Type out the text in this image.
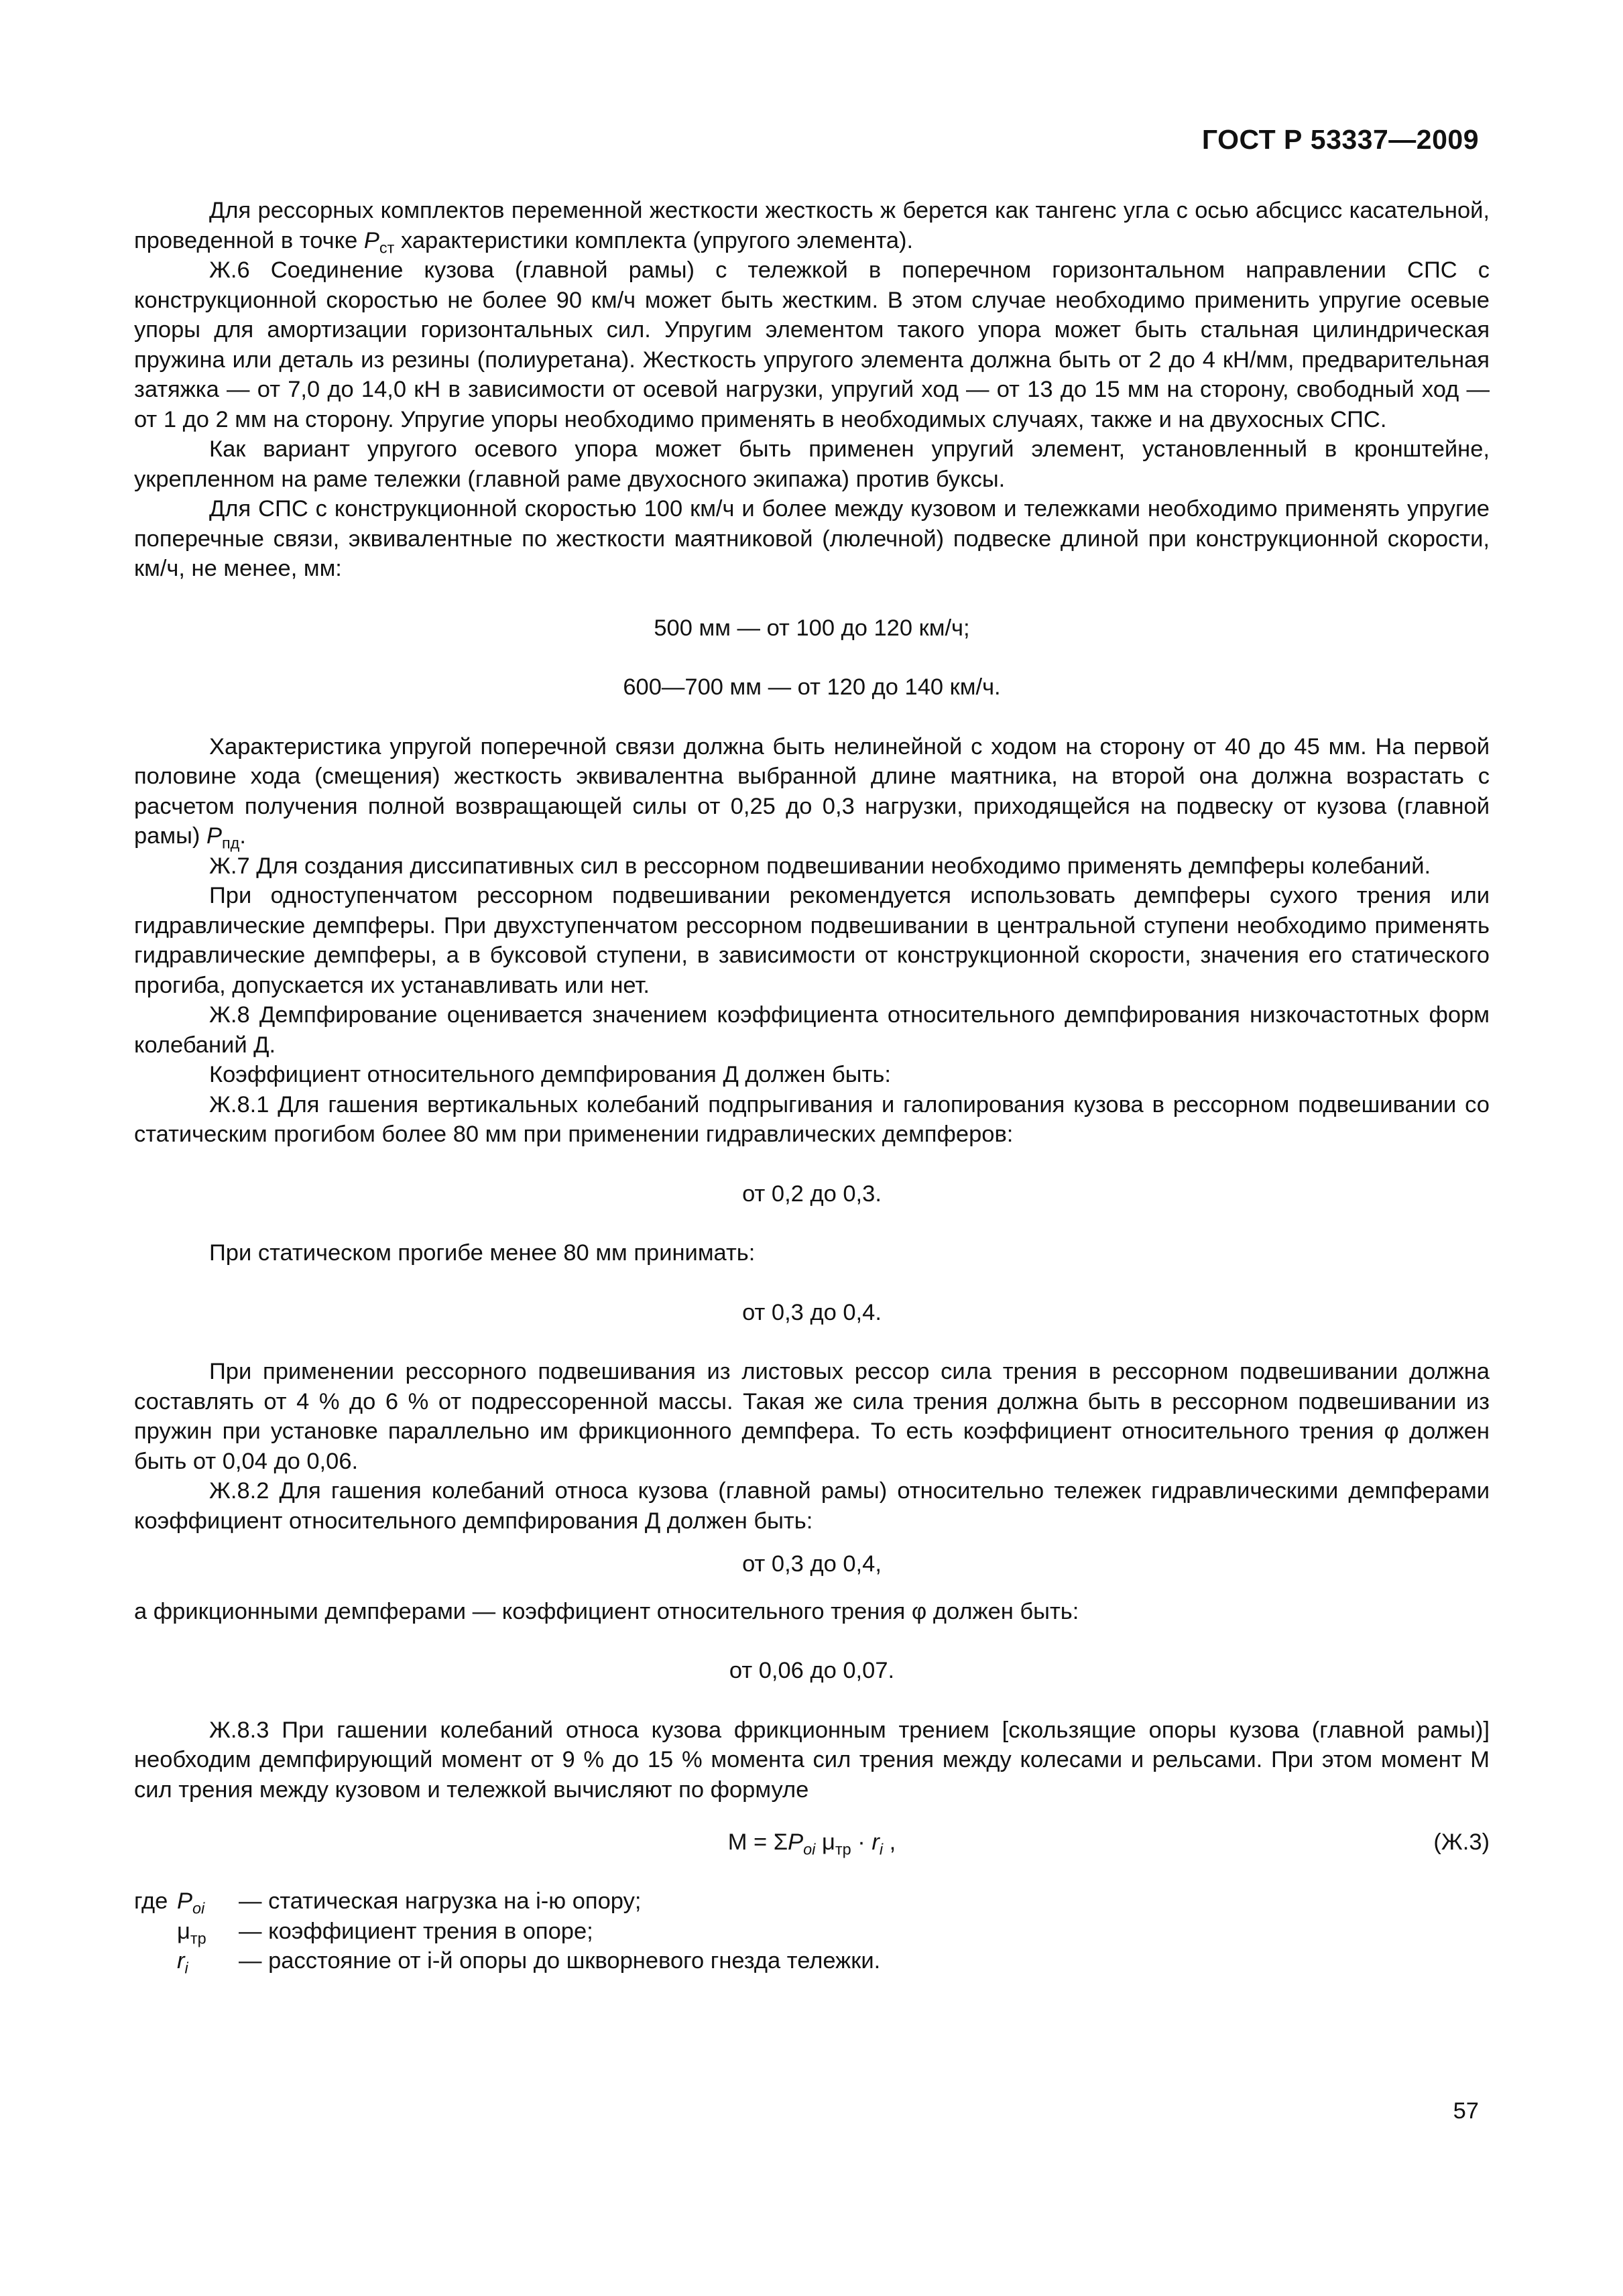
ГОСТ Р 53337—2009

Для рессорных комплектов переменной жесткости жесткость ж берется как тангенс угла с осью абсцисс касательной, проведенной в точке $P_{ст}$ характеристики комплекта (упругого элемента).

Ж.6 Соединение кузова (главной рамы) с тележкой в поперечном горизонтальном направлении СПС с конструкционной скоростью не более 90 км/ч может быть жестким. В этом случае необходимо применить упругие осевые упоры для амортизации горизонтальных сил. Упругим элементом такого упора может быть стальная цилиндрическая пружина или деталь из резины (полиуретана). Жесткость упругого элемента должна быть от 2 до 4 кН/мм, предварительная затяжка — от 7,0 до 14,0 кН в зависимости от осевой нагрузки, упругий ход — от 13 до 15 мм на сторону, свободный ход — от 1 до 2 мм на сторону. Упругие упоры необходимо применять в необходимых случаях, также и на двухосных СПС.

Как вариант упругого осевого упора может быть применен упругий элемент, установленный в кронштейне, укрепленном на раме тележки (главной раме двухосного экипажа) против буксы.

Для СПС с конструкционной скоростью 100 км/ч и более между кузовом и тележками необходимо применять упругие поперечные связи, эквивалентные по жесткости маятниковой (люлечной) подвеске длиной при конструкционной скорости, км/ч, не менее, мм:

500 мм — от 100 до 120 км/ч;

600—700 мм — от 120 до 140 км/ч.

Характеристика упругой поперечной связи должна быть нелинейной с ходом на сторону от 40 до 45 мм. На первой половине хода (смещения) жесткость эквивалентна выбранной длине маятника, на второй она должна возрастать с расчетом получения полной возвращающей силы от 0,25 до 0,3 нагрузки, приходящейся на подвеску от кузова (главной рамы) $P_{пд}$.

Ж.7 Для создания диссипативных сил в рессорном подвешивании необходимо применять демпферы колебаний.

При одноступенчатом рессорном подвешивании рекомендуется использовать демпферы сухого трения или гидравлические демпферы. При двухступенчатом рессорном подвешивании в центральной ступени необходимо применять гидравлические демпферы, а в буксовой ступени, в зависимости от конструкционной скорости, значения его статического прогиба, допускается их устанавливать или нет.

Ж.8 Демпфирование оценивается значением коэффициента относительного демпфирования низкочастотных форм колебаний Д.

Коэффициент относительного демпфирования Д должен быть:

Ж.8.1 Для гашения вертикальных колебаний подпрыгивания и галопирования кузова в рессорном подвешивании со статическим прогибом более 80 мм при применении гидравлических демпферов:

от 0,2 до 0,3.

При статическом прогибе менее 80 мм принимать:

от 0,3 до 0,4.

При применении рессорного подвешивания из листовых рессор сила трения в рессорном подвешивании должна составлять от 4 % до 6 % от подрессоренной массы. Такая же сила трения должна быть в рессорном подвешивании из пружин при установке параллельно им фрикционного демпфера. То есть коэффициент относительного трения φ должен быть от 0,04 до 0,06.

Ж.8.2 Для гашения колебаний относа кузова (главной рамы) относительно тележек гидравлическими демпферами коэффициент относительного демпфирования Д должен быть:

от 0,3 до 0,4,

а фрикционными демпферами — коэффициент относительного трения φ должен быть:

от 0,06 до 0,07.

Ж.8.3 При гашении колебаний относа кузова фрикционным трением [скользящие опоры кузова (главной рамы)] необходим демпфирующий момент от 9 % до 15 % момента сил трения между колесами и рельсами. При этом момент М сил трения между кузовом и тележкой вычисляют по формуле

$М = \Sigma P_{oi}$ $\mu_{тр} \cdot r_i$ ,	(Ж.3)
где $P_{oi}$	— статическая нагрузка на i-ю опору;
$\mu_{тр}$	— коэффициент трения в опоре;
$r_i$	— расстояние от i-й опоры до шкворневого гнезда тележки.
57
